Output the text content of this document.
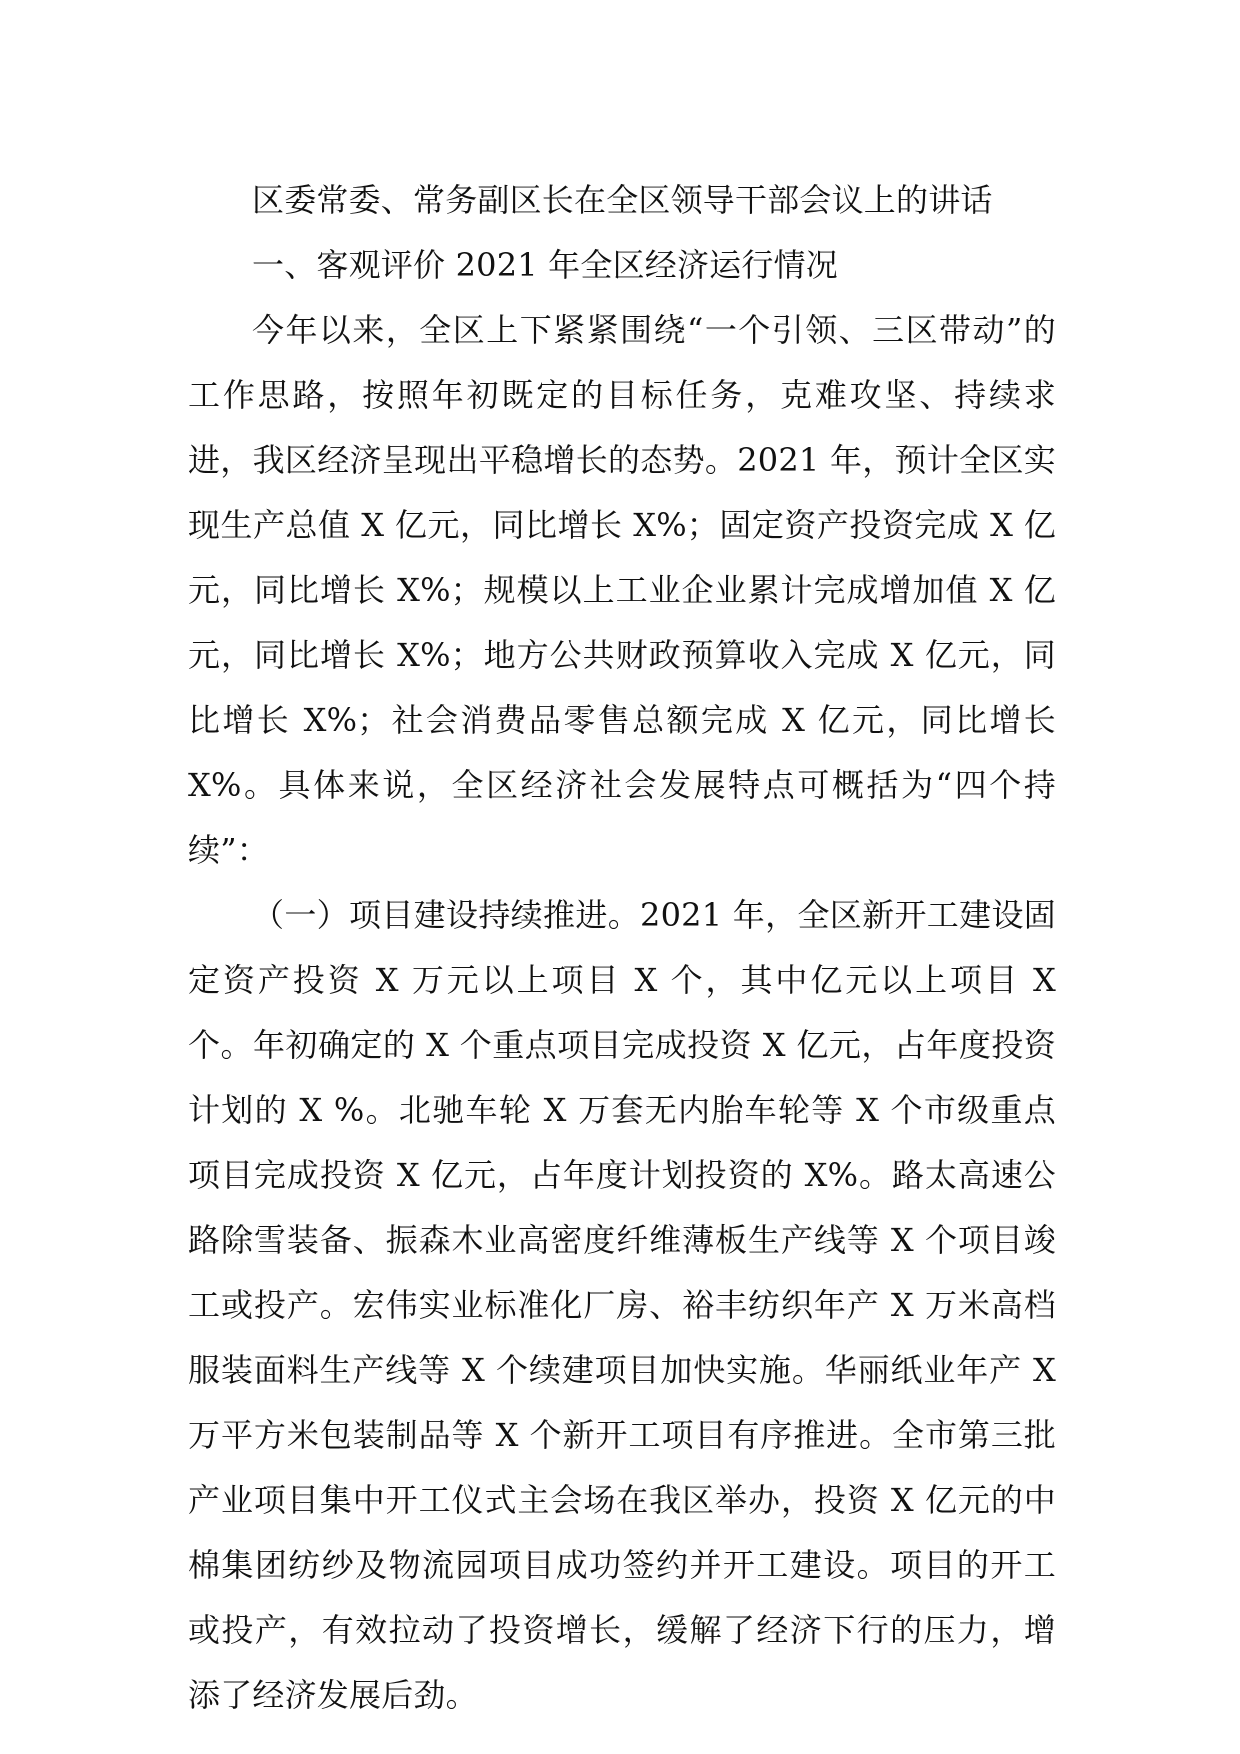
区委常委、常务副区长在全区领导干部会议上的讲话

一、客观评价 2021 年全区经济运行情况

今年以来，全区上下紧紧围绕“一个引领、三区带动”的工作思路，按照年初既定的目标任务，克难攻坚、持续求进，我区经济呈现出平稳增长的态势。2021 年，预计全区实现生产总值 X 亿元，同比增长 X%；固定资产投资完成 X 亿元，同比增长 X%；规模以上工业企业累计完成增加值 X 亿元，同比增长 X%；地方公共财政预算收入完成 X 亿元，同比增长 X%；社会消费品零售总额完成 X 亿元，同比增长 X%。具体来说，全区经济社会发展特点可概括为“四个持续”：

（一）项目建设持续推进。2021 年，全区新开工建设固定资产投资 X 万元以上项目 X 个，其中亿元以上项目 X 个。年初确定的 X 个重点项目完成投资 X 亿元，占年度投资计划的 X %。北驰车轮 X 万套无内胎车轮等 X 个市级重点项目完成投资 X 亿元，占年度计划投资的 X%。路太高速公路除雪装备、振森木业高密度纤维薄板生产线等 X 个项目竣工或投产。宏伟实业标准化厂房、裕丰纺织年产 X 万米高档服装面料生产线等 X 个续建项目加快实施。华丽纸业年产 X 万平方米包装制品等 X 个新开工项目有序推进。全市第三批产业项目集中开工仪式主会场在我区举办，投资 X 亿元的中棉集团纺纱及物流园项目成功签约并开工建设。项目的开工或投产，有效拉动了投资增长，缓解了经济下行的压力，增添了经济发展后劲。
